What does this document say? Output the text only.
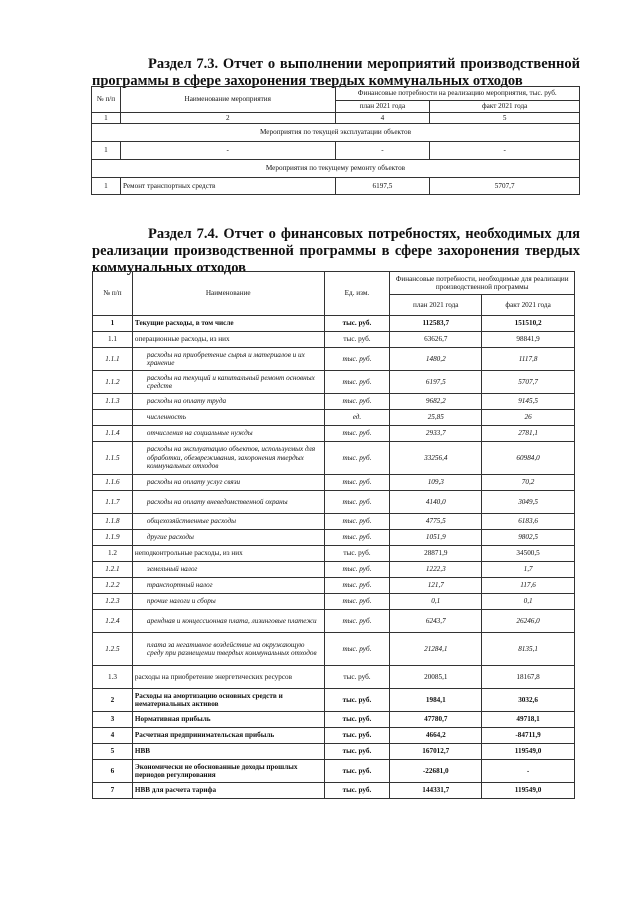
Раздел 7.3. Отчет о выполнении мероприятий производственной
программы в сфере захоронения твердых коммунальных отходов
№ п/п	Наименование мероприятия	Финансовые потребности на реализацию мероприятия, тыс. руб.	
		план 2021 года	факт 2021 года
1	2	4	5
Мероприятия по текущей эксплуатации объектов			
1	-	-	-
Мероприятия по текущему ремонту объектов			
1	Ремонт транспортных средств	6197,5	5707,7
Раздел 7.4. Отчет о финансовых потребностях, необходимых для
реализации производственной программы в сфере захоронения твердых
коммунальных отходов
№ п/п	Наименование	Ед. изм.	Финансовые потребности, необходимые для реализации производственной программы	
			план 2021 года	факт 2021 года
1	Текущие расходы, в том числе	тыс. руб.	112583,7	151510,2
1.1	операционные расходы, из них	тыс. руб.	63626,7	98841,9
1.1.1	расходы на приобретение сырья и материалов и их хранение	тыс. руб.	1480,2	1117,8
1.1.2	расходы на текущий и капитальный ремонт основных средств	тыс. руб.	6197,5	5707,7
1.1.3	расходы на оплату труда	тыс. руб.	9682,2	9145,5
	численность	ед.	25,85	26
1.1.4	отчисления на социальные нужды	тыс. руб.	2933,7	2781,1
1.1.5	расходы на эксплуатацию объектов, используемых для обработки, обезвреживания, захоронения твердых коммунальных отходов	тыс. руб.	33256,4	60984,0
1.1.6	расходы на оплату услуг связи	тыс. руб.	109,3	70,2
1.1.7	расходы на оплату вневедомственной охраны	тыс. руб.	4140,0	3049,5
1.1.8	общехозяйственные расходы	тыс. руб.	4775,5	6183,6
1.1.9	другие расходы	тыс. руб.	1051,9	9802,5
1.2	неподконтрольные расходы, из них	тыс. руб.	28871,9	34500,5
1.2.1	земельный налог	тыс. руб.	1222,3	1,7
1.2.2	транспортный налог	тыс. руб.	121,7	117,6
1.2.3	прочие налоги и сборы	тыс. руб.	0,1	0,1
1.2.4	арендная и концессионная плата, лизинговые платежи	тыс. руб.	6243,7	26246,0
1.2.5	плата за негативное воздействие на окружающую среду при размещении твердых коммунальных отходов	тыс. руб.	21284,1	8135,1
1.3	расходы на приобретение энергетических ресурсов	тыс. руб.	20085,1	18167,8
2	Расходы на амортизацию основных средств и нематериальных активов	тыс. руб.	1984,1	3032,6
3	Нормативная прибыль	тыс. руб.	47780,7	49718,1
4	Расчетная предпринимательская прибыль	тыс. руб.	4664,2	-84711,9
5	НВВ	тыс. руб.	167012,7	119549,0
6	Экономически не обоснованные доходы прошлых периодов регулирования	тыс. руб.	-22681,0	-
7	НВВ для расчета тарифа	тыс. руб.	144331,7	119549,0
